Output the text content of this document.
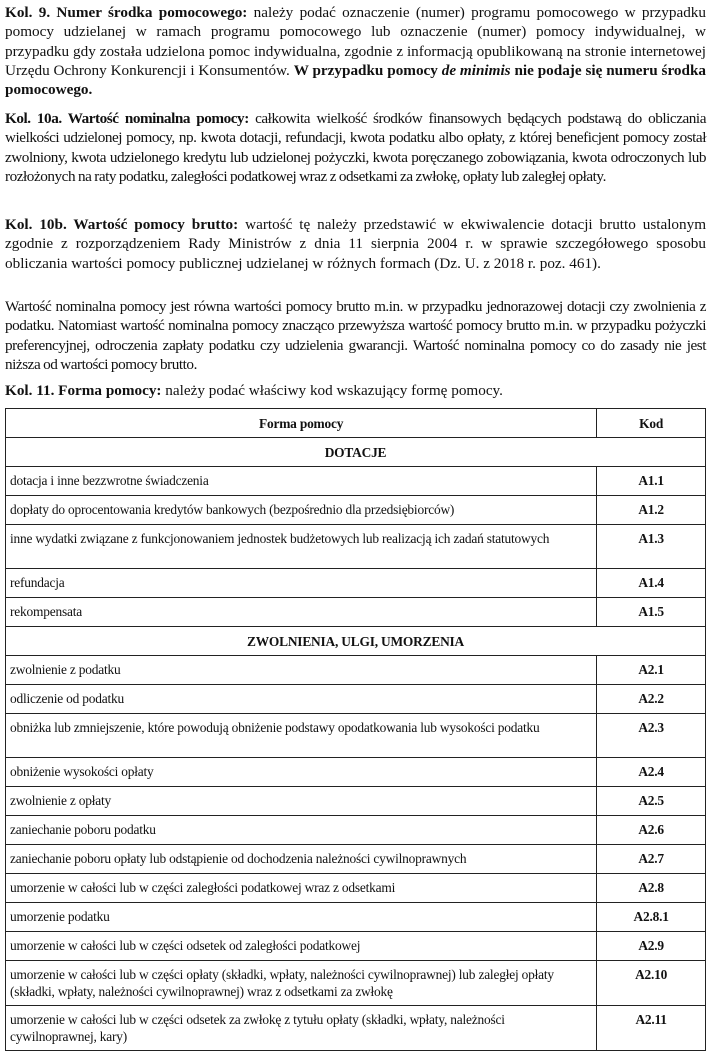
Kol. 9. Numer środka pomocowego: należy podać oznaczenie (numer) programu pomocowego w przypadku pomocy udzielanej w ramach programu pomocowego lub oznaczenie (numer) pomocy indywidualnej, w przypadku gdy została udzielona pomoc indywidualna, zgodnie z informacją opublikowaną na stronie internetowej Urzędu Ochrony Konkurencji i Konsumentów. W przypadku pomocy de minimis nie podaje się numeru środka pomocowego.

Kol. 10a. Wartość nominalna pomocy: całkowita wielkość środków finansowych będących podstawą do obliczania wielkości udzielonej pomocy, np. kwota dotacji, refundacji, kwota podatku albo opłaty, z której beneficjent pomocy został zwolniony, kwota udzielonego kredytu lub udzielonej pożyczki, kwota poręczanego zobowiązania, kwota odroczonych lub rozłożonych na raty podatku, zaległości podatkowej wraz z odsetkami za zwłokę, opłaty lub zaległej opłaty.

Kol. 10b. Wartość pomocy brutto: wartość tę należy przedstawić w ekwiwalencie dotacji brutto ustalonym zgodnie z rozporządzeniem Rady Ministrów z dnia 11 sierpnia 2004 r. w sprawie szczegółowego sposobu obliczania wartości pomocy publicznej udzielanej w różnych formach (Dz. U. z 2018 r. poz. 461).

Wartość nominalna pomocy jest równa wartości pomocy brutto m.in. w przypadku jednorazowej dotacji czy zwolnienia z podatku. Natomiast wartość nominalna pomocy znacząco przewyższa wartość pomocy brutto m.in. w przypadku pożyczki preferencyjnej, odroczenia zapłaty podatku czy udzielenia gwarancji. Wartość nominalna pomocy co do zasady nie jest niższa od wartości pomocy brutto.

Kol. 11. Forma pomocy: należy podać właściwy kod wskazujący formę pomocy.

Forma pomocy	Kod
DOTACJE	
dotacja i inne bezzwrotne świadczenia	A1.1
dopłaty do oprocentowania kredytów bankowych (bezpośrednio dla przedsiębiorców)	A1.2
inne wydatki związane z funkcjonowaniem jednostek budżetowych lub realizacją ich zadań statutowych	A1.3
refundacja	A1.4
rekompensata	A1.5
ZWOLNIENIA, ULGI, UMORZENIA	
zwolnienie z podatku	A2.1
odliczenie od podatku	A2.2
obniżka lub zmniejszenie, które powodują obniżenie podstawy opodatkowania lub wysokości podatku	A2.3
obniżenie wysokości opłaty	A2.4
zwolnienie z opłaty	A2.5
zaniechanie poboru podatku	A2.6
zaniechanie poboru opłaty lub odstąpienie od dochodzenia należności cywilnoprawnych	A2.7
umorzenie w całości lub w części zaległości podatkowej wraz z odsetkami	A2.8
umorzenie podatku	A2.8.1
umorzenie w całości lub w części odsetek od zaległości podatkowej	A2.9
umorzenie w całości lub w części opłaty (składki, wpłaty, należności cywilnoprawnej) lub zaległej opłaty (składki, wpłaty, należności cywilnoprawnej) wraz z odsetkami za zwłokę	A2.10
umorzenie w całości lub w części odsetek za zwłokę z tytułu opłaty (składki, wpłaty, należności cywilnoprawnej, kary)	A2.11
